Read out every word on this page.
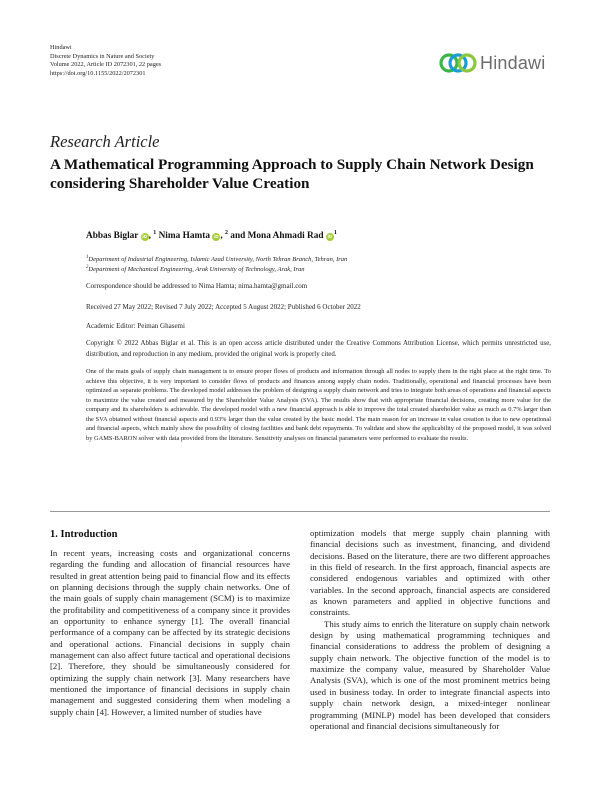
Hindawi
Discrete Dynamics in Nature and Society
Volume 2022, Article ID 2072301, 22 pages
https://doi.org/10.1155/2022/2072301
Hindawi
Research Article
A Mathematical Programming Approach to Supply Chain Network Design considering Shareholder Value Creation
Abbas Biglar iD , $^1$ Nima Hamta iD , $^2$ and Mona Ahmadi Rad $iD^1$
$^1$Department of Industrial Engineering, Islamic Azad University, North Tehran Branch, Tehran, Iran
$^2$Department of Mechanical Engineering, Arak University of Technology, Arak, Iran
Correspondence should be addressed to Nima Hamta; nima.hamta@gmail.com
Received 27 May 2022; Revised 7 July 2022; Accepted 5 August 2022; Published 6 October 2022
Academic Editor: Peiman Ghasemi
Copyright © 2022 Abbas Biglar et al. This is an open access article distributed under the Creative Commons Attribution License, which permits unrestricted use, distribution, and reproduction in any medium, provided the original work is properly cited.
One of the main goals of supply chain management is to ensure proper flows of products and information through all nodes to supply them in the right place at the right time. To achieve this objective, it is very important to consider flows of products and finances among supply chain nodes. Traditionally, operational and financial processes have been optimized as separate problems. The developed model addresses the problem of designing a supply chain network and tries to integrate both areas of operations and financial aspects to maximize the value created and measured by the Shareholder Value Analysis (SVA). The results show that with appropriate financial decisions, creating more value for the company and its shareholders is achievable. The developed model with a new financial approach is able to improve the total created shareholder value as much as 0.7% larger than the SVA obtained without financial aspects and 0.93% larger than the value created by the basic model. The main reason for an increase in value creation is due to new operational and financial aspects, which mainly show the possibility of closing facilities and bank debt repayments. To validate and show the applicability of the proposed model, it was solved by GAMS-BARON solver with data provided from the literature. Sensitivity analyses on financial parameters were performed to evaluate the results.
1. Introduction

In recent years, increasing costs and organizational concerns regarding the funding and allocation of financial resources have resulted in great attention being paid to financial flow and its effects on planning decisions through the supply chain networks. One of the main goals of supply chain management (SCM) is to maximize the profitability and competitiveness of a company since it provides an opportunity to enhance synergy [1]. The overall financial performance of a company can be affected by its strategic decisions and operational actions. Financial decisions in supply chain management can also affect future tactical and operational decisions [2]. Therefore, they should be simultaneously considered for optimizing the supply chain network [3]. Many researchers have mentioned the importance of financial decisions in supply chain management and suggested considering them when modeling a supply chain [4]. However, a limited number of studies have

optimization models that merge supply chain planning with financial decisions such as investment, financing, and dividend decisions. Based on the literature, there are two different approaches in this field of research. In the first approach, financial aspects are considered endogenous variables and optimized with other variables. In the second approach, financial aspects are considered as known parameters and applied in objective functions and constraints.

This study aims to enrich the literature on supply chain network design by using mathematical programming techniques and financial considerations to address the problem of designing a supply chain network. The objective function of the model is to maximize the company value, measured by Shareholder Value Analysis (SVA), which is one of the most prominent metrics being used in business today. In order to integrate financial aspects into supply chain network design, a mixed-integer nonlinear programming (MINLP) model has been developed that considers operational and financial decisions simultaneously for
